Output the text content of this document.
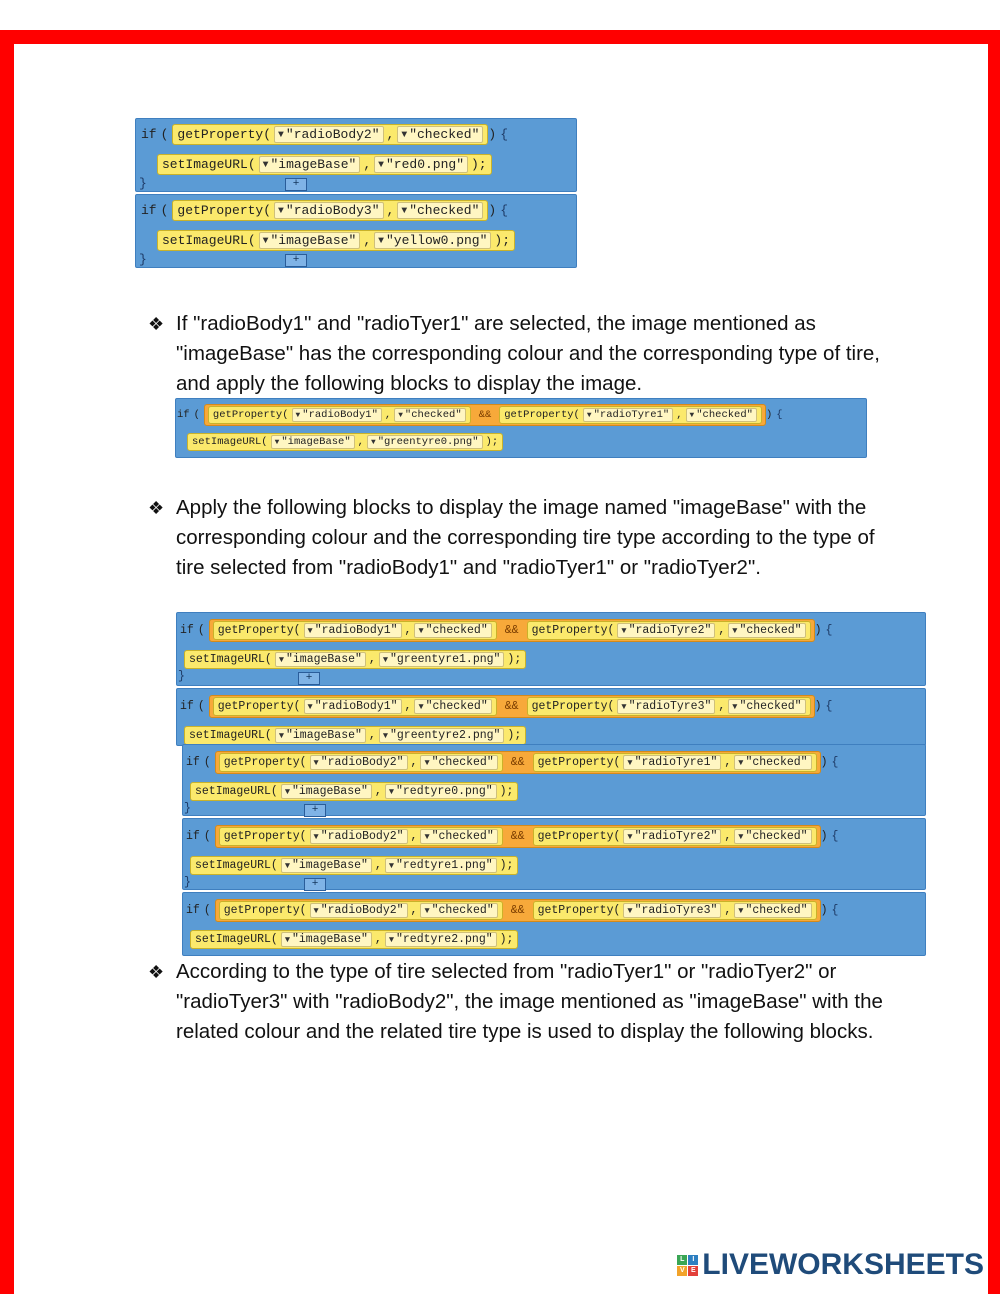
if ( getProperty( ▼ "radioBody2" , ▼ "checked" ) {
setImageURL( ▼ "imageBase" , ▼ "red0.png" );
}	+
if ( getProperty( ▼ "radioBody3" , ▼ "checked" ) {
setImageURL( ▼ "imageBase" , ▼ "yellow0.png" );
}	+
❖ If "radioBody1" and "radioTyer1" are selected, the image mentioned as "imageBase" has the corresponding colour and the corresponding type of tire, and apply the following blocks to display the image.
if ( getProperty( ▼ "radioBody1" , ▼ "checked" && getProperty( ▼ "radioTyre1" , ▼ "checked" ) {
setImageURL( ▼ "imageBase" , ▼ "greentyre0.png" );
❖ Apply the following blocks to display the image named "imageBase" with the corresponding colour and the corresponding tire type according to the type of tire selected from "radioBody1" and "radioTyer1" or "radioTyer2".
if ( getProperty( ▼ "radioBody1" , ▼ "checked" && getProperty( ▼ "radioTyre2" , ▼ "checked" ) {
setImageURL( ▼ "imageBase" , ▼ "greentyre1.png" );
}	+
if ( getProperty( ▼ "radioBody1" , ▼ "checked" && getProperty( ▼ "radioTyre3" , ▼ "checked" ) {
setImageURL( ▼ "imageBase" , ▼ "greentyre2.png" );
if ( getProperty( ▼ "radioBody2" , ▼ "checked" && getProperty( ▼ "radioTyre1" , ▼ "checked" ) {
setImageURL( ▼ "imageBase" , ▼ "redtyre0.png" );
}	+
if ( getProperty( ▼ "radioBody2" , ▼ "checked" && getProperty( ▼ "radioTyre2" , ▼ "checked" ) {
setImageURL( ▼ "imageBase" , ▼ "redtyre1.png" );
}	+
if ( getProperty( ▼ "radioBody2" , ▼ "checked" && getProperty( ▼ "radioTyre3" , ▼ "checked" ) {
setImageURL( ▼ "imageBase" , ▼ "redtyre2.png" );
❖ According to the type of tire selected from "radioTyer1" or "radioTyer2" or "radioTyer3" with "radioBody2", the image mentioned as "imageBase" with the related colour and the related tire type is used to display the following blocks.
L	I
V E LIVEWORKSHEETS
